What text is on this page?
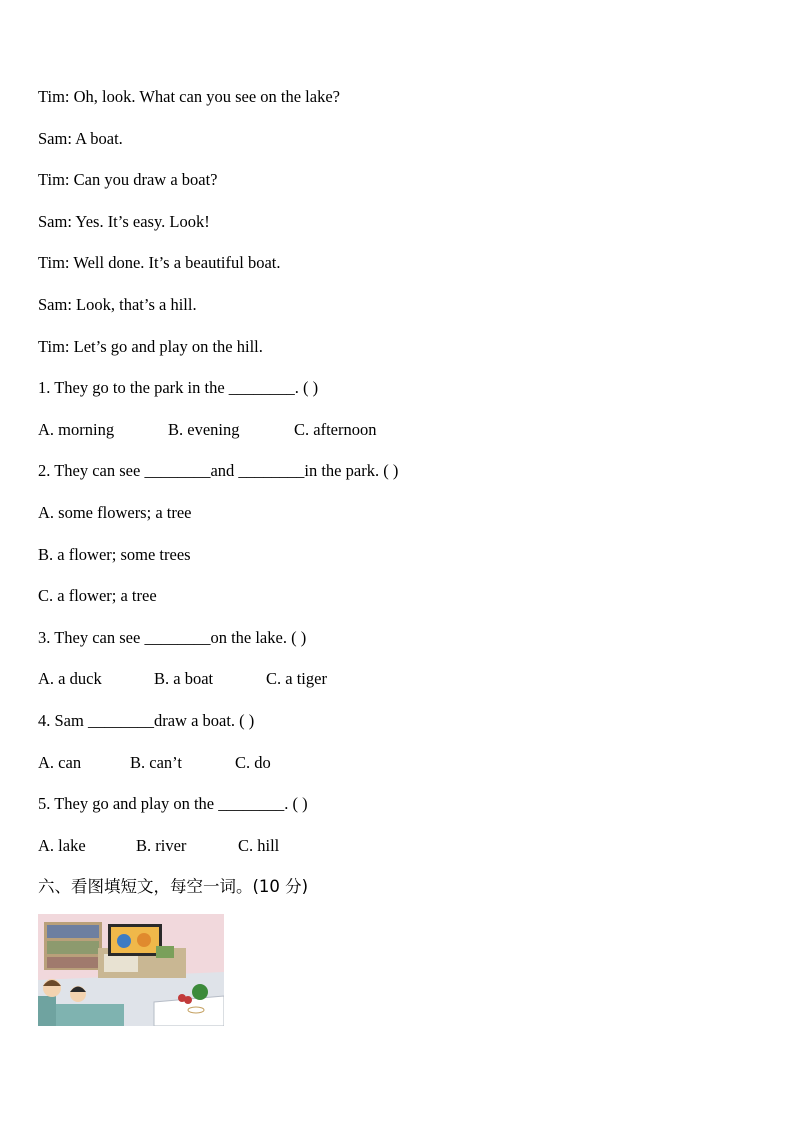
Tim: Oh, look. What can you see on the lake?
Sam: A boat.
Tim: Can you draw a boat?
Sam: Yes. It’s easy. Look!
Tim: Well done. It’s a beautiful boat.
Sam: Look, that’s a hill.
Tim: Let’s go and play on the hill.
1. They go to the park in the ________. ( )
A. morning	B. evening	C. afternoon
2. They can see ________and ________in the park. ( )
A. some flowers; a tree
B. a flower; some trees
C. a flower; a tree
3. They can see ________on the lake. ( )
A. a duck	B. a boat	C. a tiger
4. Sam ________draw a boat. ( )
A. can	B. can’t	C. do
5. They go and play on the ________. ( )
A. lake	B. river	C. hill
六、看图填短文，每空一词。(10 分)
